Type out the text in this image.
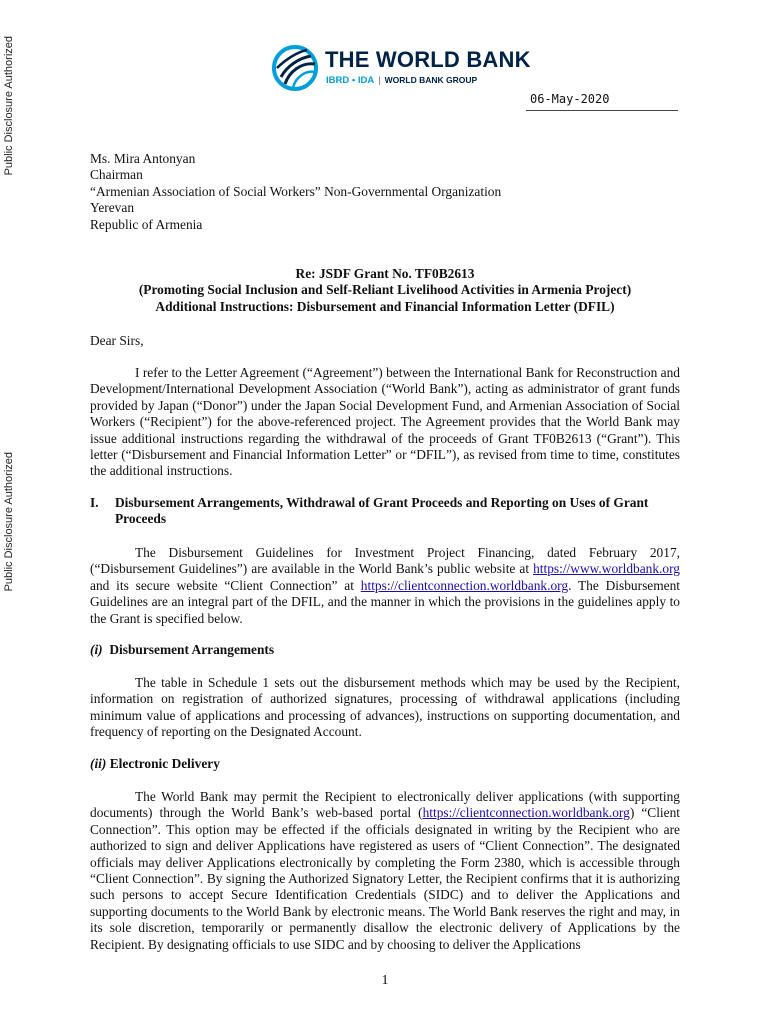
Public Disclosure Authorized
Public Disclosure Authorized
THE WORLD BANK
IBRD • IDA | WORLD BANK GROUP
06-May-2020
Ms. Mira Antonyan
Chairman
“Armenian Association of Social Workers” Non-Governmental Organization
Yerevan
Republic of Armenia
Re: JSDF Grant No. TF0B2613
(Promoting Social Inclusion and Self-Reliant Livelihood Activities in Armenia Project)
Additional Instructions: Disbursement and Financial Information Letter (DFIL)
Dear Sirs,

I refer to the Letter Agreement (“Agreement”) between the International Bank for Reconstruction and Development/International Development Association (“World Bank”), acting as administrator of grant funds provided by Japan (“Donor”) under the Japan Social Development Fund, and Armenian Association of Social Workers (“Recipient”) for the above-referenced project. The Agreement provides that the World Bank may issue additional instructions regarding the withdrawal of the proceeds of Grant TF0B2613 (“Grant”). This letter (“Disbursement and Financial Information Letter” or “DFIL”), as revised from time to time, constitutes the additional instructions.

I. Disbursement Arrangements, Withdrawal of Grant Proceeds and Reporting on Uses of Grant Proceeds

The Disbursement Guidelines for Investment Project Financing, dated February 2017, (“Disbursement Guidelines”) are available in the World Bank’s public website at https://www.worldbank.org and its secure website “Client Connection” at https://clientconnection.worldbank.org. The Disbursement Guidelines are an integral part of the DFIL, and the manner in which the provisions in the guidelines apply to the Grant is specified below.

(i) Disbursement Arrangements

The table in Schedule 1 sets out the disbursement methods which may be used by the Recipient, information on registration of authorized signatures, processing of withdrawal applications (including minimum value of applications and processing of advances), instructions on supporting documentation, and frequency of reporting on the Designated Account.

(ii) Electronic Delivery

The World Bank may permit the Recipient to electronically deliver applications (with supporting documents) through the World Bank’s web-based portal (https://clientconnection.worldbank.org) “Client Connection”. This option may be effected if the officials designated in writing by the Recipient who are authorized to sign and deliver Applications have registered as users of “Client Connection”. The designated officials may deliver Applications electronically by completing the Form 2380, which is accessible through “Client Connection”. By signing the Authorized Signatory Letter, the Recipient confirms that it is authorizing such persons to accept Secure Identification Credentials (SIDC) and to deliver the Applications and supporting documents to the World Bank by electronic means. The World Bank reserves the right and may, in its sole discretion, temporarily or permanently disallow the electronic delivery of Applications by the Recipient. By designating officials to use SIDC and by choosing to deliver the Applications

1
